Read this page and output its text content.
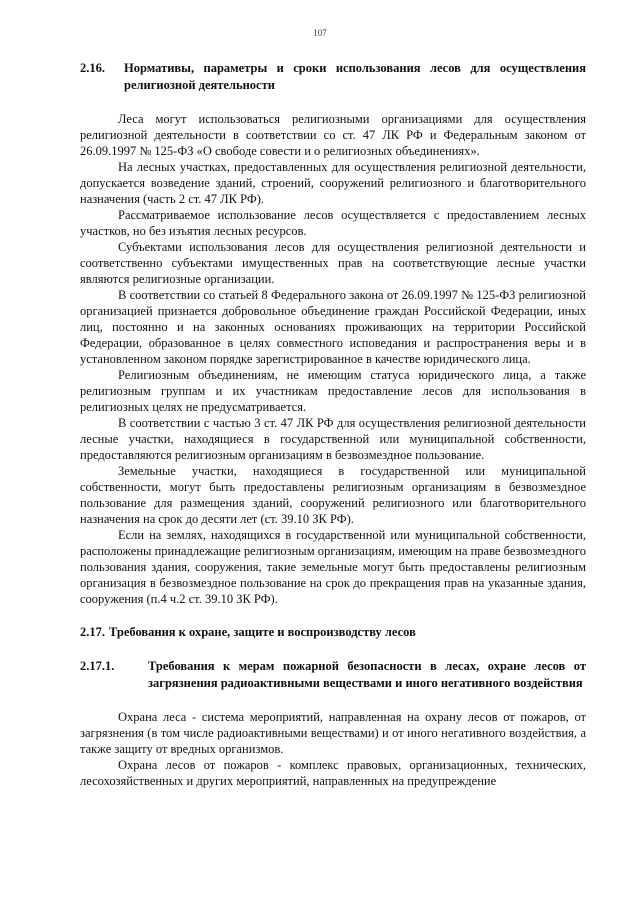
107
2.16.	Нормативы, параметры и сроки использования лесов для осуществления религиозной деятельности

Леса могут использоваться религиозными организациями для осуществления религиозной деятельности в соответствии со ст. 47 ЛК РФ и Федеральным законом от 26.09.1997 № 125-ФЗ «О свободе совести и о религиозных объединениях».

На лесных участках, предоставленных для осуществления религиозной деятельности, допускается возведение зданий, строений, сооружений религиозного и благотворительного назначения (часть 2 ст. 47 ЛК РФ).

Рассматриваемое использование лесов осуществляется с предоставлением лесных участков, но без изъятия лесных ресурсов.

Субъектами использования лесов для осуществления религиозной деятельности и соответственно субъектами имущественных прав на соответствующие лесные участки являются религиозные организации.

В соответствии со статьей 8 Федерального закона от 26.09.1997 № 125-ФЗ религиозной организацией признается добровольное объединение граждан Российской Федерации, иных лиц, постоянно и на законных основаниях проживающих на территории Российской Федерации, образованное в целях совместного исповедания и распространения веры и в установленном законом порядке зарегистрированное в качестве юридического лица.

Религиозным объединениям, не имеющим статуса юридического лица, а также религиозным группам и их участникам предоставление лесов для использования в религиозных целях не предусматривается.

В соответствии с частью 3 ст. 47 ЛК РФ для осуществления религиозной деятельности лесные участки, находящиеся в государственной или муниципальной собственности, предоставляются религиозным организациям в безвозмездное пользование.

Земельные участки, находящиеся в государственной или муниципальной собственности, могут быть предоставлены религиозным организациям в безвозмездное пользование для размещения зданий, сооружений религиозного или благотворительного назначения на срок до десяти лет (ст. 39.10 ЗК РФ).

Если на землях, находящихся в государственной или муниципальной собственности, расположены принадлежащие религиозным организациям, имеющим на праве безвозмездного пользования здания, сооружения, такие земельные могут быть предоставлены религиозным организация в безвозмездное пользование на срок до прекращения прав на указанные здания, сооружения (п.4 ч.2 ст. 39.10 ЗК РФ).

2.17. Требования к охране, защите и воспроизводству лесов
2.17.1.	Требования к мерам пожарной безопасности в лесах, охране лесов от загрязнения радиоактивными веществами и иного негативного воздействия

Охрана леса - система мероприятий, направленная на охрану лесов от пожаров, от загрязнения (в том числе радиоактивными веществами) и от иного негативного воздействия, а также защиту от вредных организмов.

Охрана лесов от пожаров - комплекс правовых, организационных, технических, лесохозяйственных и других мероприятий, направленных на предупреждение
